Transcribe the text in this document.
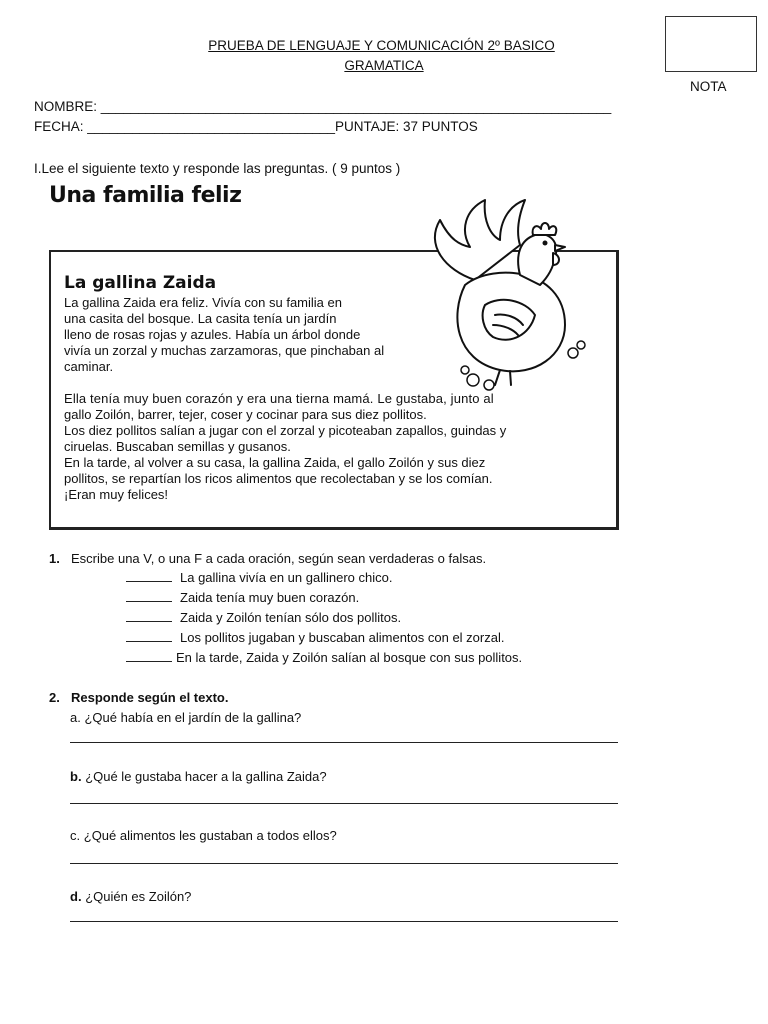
PRUEBA DE LENGUAJE Y COMUNICACIÓN 2º BASICO
GRAMATICA
NOTA
NOMBRE: ____________________________________________________________________
FECHA: _________________________________PUNTAJE: 37 PUNTOS
I.Lee el siguiente texto y responde las preguntas. ( 9 puntos )
Una familia feliz
La gallina Zaida
La gallina Zaida era feliz. Vivía con su familia en
una casita del bosque. La casita tenía un jardín
lleno de rosas rojas y azules. Había un árbol donde
vivía un zorzal y muchas zarzamoras, que pinchaban al
caminar.
Ella tenía muy buen corazón y era una tierna mamá. Le gustaba, junto al
gallo Zoilón, barrer, tejer, coser y cocinar para sus diez pollitos.
Los diez pollitos salían a jugar con el zorzal y picoteaban zapallos, guindas y
ciruelas. Buscaban semillas y gusanos.
En la tarde, al volver a su casa, la gallina Zaida, el gallo Zoilón y sus diez
pollitos, se repartían los ricos alimentos que recolectaban y se los comían.
¡Eran muy felices!
1. Escribe una V, o una F a cada oración, según sean verdaderas o falsas.
La gallina vivía en un gallinero chico.
Zaida tenía muy buen corazón.
Zaida y Zoilón tenían sólo dos pollitos.
Los pollitos jugaban y buscaban alimentos con el zorzal.
En la tarde, Zaida y Zoilón salían al bosque con sus pollitos.
2. Responde según el texto.
a. ¿Qué había en el jardín de la gallina?
b. ¿Qué le gustaba hacer a la gallina Zaida?
c. ¿Qué alimentos les gustaban a todos ellos?
d. ¿Quién es Zoilón?
